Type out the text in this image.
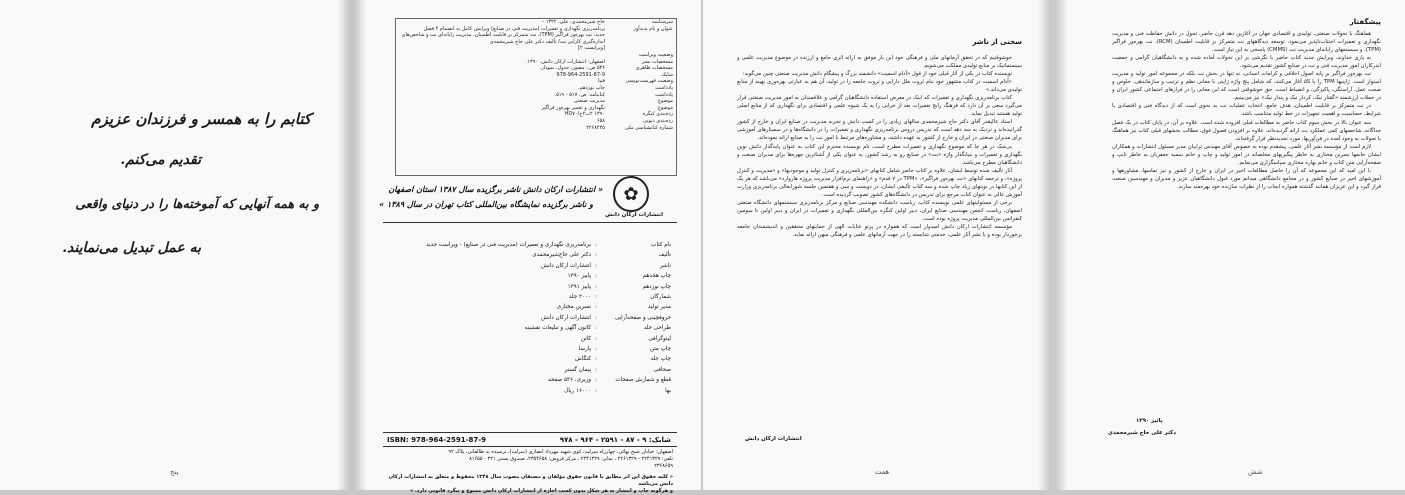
کتابم را به همسر و فرزندان عزیزم
تقدیم می‌کنم.
و به همه آنهایی که آموخته‌ها را در دنیای واقعی
به عمل تبدیل می‌نمایند.
پنج
سرشناسه
حاج شیرمحمدی، علی، ۱۳۲۲ -
عنوان و نام پدیدآور
برنامه‌ریزی نگهداری و تعمیرات (مدیریت فنی در صنایع) ویرایش کامل به انضمام ۴ فصل
جدید: نت بهره‌ور فراگیر (TPM)، نت متمرکز بر قابلیت اطمینان، مدیریت رایانه‌ای نت و شاخص‌های
اندازه‌گیری کارایی نت/ تألیف دکتر علی حاج شیرمحمدی
[ویرایست ۲]
وضعیت ویراست
مشخصات نشر
اصفهان: انتشارات ارکان دانش، ۱۳۹۰.
مشخصات ظاهری
۵۳۶ ص.: مصور، جدول، نمودار.
شابک
978-964-2591-87-9
وضعیت فهرست‌نویسی
فیپا
یادداشت
چاپ نوزدهم.
یادداشت
کتابنامه: ص. ۵۱۷ - ۵۱۹.
موضوع
مدیریت صنعتی
موضوع
نگهداری و تعمیر بهره‌ور فراگیر
رده‌بندی کنگره
۱۳۹۰ ۲ب۲ح/HD۷۰
رده‌بندی دیویی
۶۵۸
شماره کتابشناسی ملی
۲۲۶۸۴۳۵
✿
انتشارات ارکان دانش
« انتشارات ارکان دانش ناشر برگزیده سال ۱۳۸۷ استان اصفهان
و ناشر برگزیده نمایشگاه بین‌المللی کتاب تهران در سال ۱۳۸۹ »
نام کتاب
:
برنامه‌ریزی نگهداری و تعمیرات (مدیریت فنی در صنایع) - ویراست جدید
تألیف
:
دکتر علی حاج‌شیرمحمدی
ناشر
:
انتشارات ارکان دانش
چاپ هجدهم
:
پاییز ۱۳۹۰
چاپ نوزدهم
:
پاییز ۱۳۹۱
شمارگان
:
۲۰۰۰ جلد
مدیر تولید
:
نسرین مختاری
حروفچینی و صفحه‌آرایی
:
انتشارات ارکان دانش
طراحی جلد
:
کانون آگهی و تبلیغات نقشینه
لیتوگرافی
:
کاتن
چاپ متن
:
پارسا
چاپ جلد
:
کنگاش
صحافی
:
پیمان گستر
قطع و شمارش صفحات
:
وزیری، ۵۳۶ صفحه
بها
:
۱۶۰۰۰ ریال
ISBN: 978-964-2591-87-9	شابک: ۹ - ۸۷ - ۲۵۹۱ - ۹۶۴ - ۹۷۸
اصفهان: خیابان شیخ بهائی، چهارراه سرلت، کوی شهید مهرداد انصاری (سرلت)، نرسیده به طالقانی، پلاک ۹۲
تلفن: ۲۲۴۱۳۲۹ - ۲۲۶۱۳۲۹ ، نمابر: ۲۲۴۱۳۲۹ ، مرکز فروش: ۲۳۵۴۶۵۸، صندوق پستی ۳۲۱ - ۸۱۶۵۵
۲۳۶۸۶۵۹
« کلیه حقوق این اثر مطابق با قانون حقوق مؤلفان و مصنفان مصوب سال ۱۳۴۸ محفوظ و متعلق به انتشارات ارکان دانش می‌باشد
و هرگونه چاپ و انتشار به هر شکل بدون کسب اجازه از انتشارات ارکان دانش ممنوع و پیگرد قانونی دارد. »
سخنی از ناشر

خوشوقتیم که در تحقق آرمانهای ملی و فرهنگی خود این بار موفق به ارائه اثری جامع و ارزنده در موضوع مدیریت علمی و سیستماتیک بر منابع تولیدی مملکت می‌شویم.

نویسنده کتاب در یکی از آثار قبلی خود از قول «آدام اسمیت» دانشمند بزرگ و پیشگام دانش مدیریت صنعتی چنین می‌گوید:

«آدام اسمیت در کتاب مشهور خود بنام ثروت ملل دارایی و ثروت جامعه را در تولید، آن هم به عبارتی بهره‌وری بهینه از منابع تولیدی می‌داند.»

کتاب برنامه‌ریزی نگهداری و تعمیرات که اینک در معرض استفاده دانشگاهیان گرامی و علاقمندان به امور مدیریت صنعتی قرار می‌گیرد سعی بر آن دارد که فرهنگ رایج تعمیرات بعد از خرابی را به یک شیوه علمی و اقتصادی برای نگهداری که از منابع اصلی تولید هستند تبدیل نماید.

استاد عالیقدر آقای دکتر حاج شیرمحمدی سالهای زیادی را در کسب دانش و تجربه مدیریت در صنایع ایران و خارج از کشور گذرانیده‌اند و نزدیک به سه دهه است که تدریس دروس برنامه‌ریزی نگهداری و تعمیرات را در دانشگاه‌ها و در سمینارهای آموزشی برای مدیران صنعتی در ایران و خارج از کشور به عهده داشته، و مشاوره‌های مرتبط با امور نت را به صنایع ارائه نموده‌اند.

بی‌شک در هر جا که موضوع نگهداری و تعمیرات مطرح است، نام نویسنده محترم این کتاب به عنوان پایه‌گذار دانش نوین نگهداری و تعمیرات و بنیانگذار واژه «نت» در صنایع رو به رشد کشور، به عنوان یکی از آشناترین چهره‌ها برای مدیران صنعت و دانشگاهیان مطرح می‌باشد.

آثار تألیف شده توسط ایشان، علاوه بر کتاب حاضر شامل کتابهای «برنامه‌ریزی و کنترل تولید و موجودیها» و «مدیریت و کنترل پروژه»، و ترجمه کتابهای «نت بهره‌ور فراگیر»، «TPM در ۷ قدم» و «راهنمای نرم‌افزار مدیریت پروژه هاروارد» می‌باشد که هر یک از این کتابها در نوبتهای زیاد چاپ شده و سه کتاب تألیفی ایشان، در دویست و سی و هفتمین جلسه شورایعالی برنامه‌ریزی وزارت آموزش عالی به عنوان کتاب مرجع برای تدریس در دانشگاه‌های کشور تصویب گردیده است.

برخی از مسئولیتهای علمی نویسنده کتاب، ریاست دانشکده مهندسی صنایع و مرکز برنامه‌ریزی سیستمهای دانشگاه صنعتی اصفهان، ریاست انجمن مهندسی صنایع ایران، دبیر اولین کنگره بین‌المللی نگهداری و تعمیرات در ایران و دبیر اولین تا سومین کنفرانس بین‌المللی مدیریت پروژه بوده است.

مؤسسه انتشارات ارکان دانش امیدوار است که همواره در پرتو عنایات الهی از حمایتهای محققین و اندیشمندان جامعه برخوردار بوده و با نشر آثار علمی، خدمتی شایسته را در جهت آرمانهای علمی و فرهنگی میهن ارائه نماید.

انتشارات ارکان دانش
هفت
پیشگفتار

هماهنگ با تحولات صنعتی، تولیدی و اقتصادی جهان در آغازین دهه قرن حاضر، تحول در دانش حفاظت فنی و مدیریت نگهداری و تعمیرات اجتناب‌ناپذیر می‌نمود. توسعه دیدگاههای نت متمرکز بر قابلیت اطمینان (RCM)، نت بهره‌ور فراگیر (TPM)، و سیستمهای رایانه‌ای مدیریت نت (CMMS) پاسخی به این نیاز است.

به یاری خداوند، ویرایش جدید کتاب حاضر با نگرشی بر این تحولات آماده شده و به دانشگاهیان گرامی و جمعیت اندرکاران امور مدیریت فنی و نت در صنایع کشور تقدیم می‌شود.

نت بهره‌ور فراگیر بر پایه اصول اخلاقی و کرامات انسانی، نه تنها در بخش نت بلکه در مجموعه امور تولید و مدیریت استوار است. ژاپنیها TPM را با ۵S آغاز می‌کنند، که شامل پنج واژه ژاپنی با معانی نظم و ترتیب و سازماندهی، خلوص و صحت عمل، آراستگی، پاکیزگی، و انضباط است. حق خوشوقتی است که این معانی را در فرازهای اجتماعی کشور ایران و در جملات ارزشمند «گفتار نیک، کردار نیک و پندار نیک» نیز می‌بینیم.

در نت متمرکز بر قابلیت اطمینان، هدف جامع، انتخاب عملیات نت به نحوی است که از دیدگاه فنی و اقتصادی با شرایط، حساسیت و اهمیت تجهیزات در خط تولید متناسب باشد.

سه عنوان بالا در بخش سوم کتاب حاضر به مطالعات قبلی افزوده شده است. علاوه بر آن، در پایان کتاب در یک فصل جداگانه، شاخصهای کمی عملکرد نت ارائه گردیده‌اند. علاوه بر افزودن فصول فوق، مطالب بخشهای قبلی کتاب نیز هماهنگ با تحولات به وجود آمده در فن‌آوریها، مورد تجدیدنظر قرار گرفته‌اند.

لازم است از مؤسسه نشر آثار علمی، پیشقدم بوده به خصوص آقای مهندس ترابیان مدیر مسئول انتشارات و همکاران ایشان خانمها نسرین مختاری به خاطر پیگیریهای مخلصانه در امور تولید و چاپ و خانم سمیه جعفریان به خاطر تایپ و صفحه‌آرایی متن کتاب و خانم بهاره مختاری سپاسگزاری می‌نمایم.

با این امید که این مجموعه که آن را حاصل مطالعات اخیر در ایران و خارج از کشور و نیز تماسها، مشاورهها و آموزشهای اخیر در صنایع کشور و در مجامع دانشگاهی میدانم مورد قبول دانشگاهیان عزیز و مدیران و مهندسین صنعت قرار گیرد و این عزیزان همانند گذشته همواره ایجاب را از نظرات سازنده خود بهره‌مند سازند.

پائیز ۱۳۹۰
دکتر علی حاج شیرمحمدی
شش
